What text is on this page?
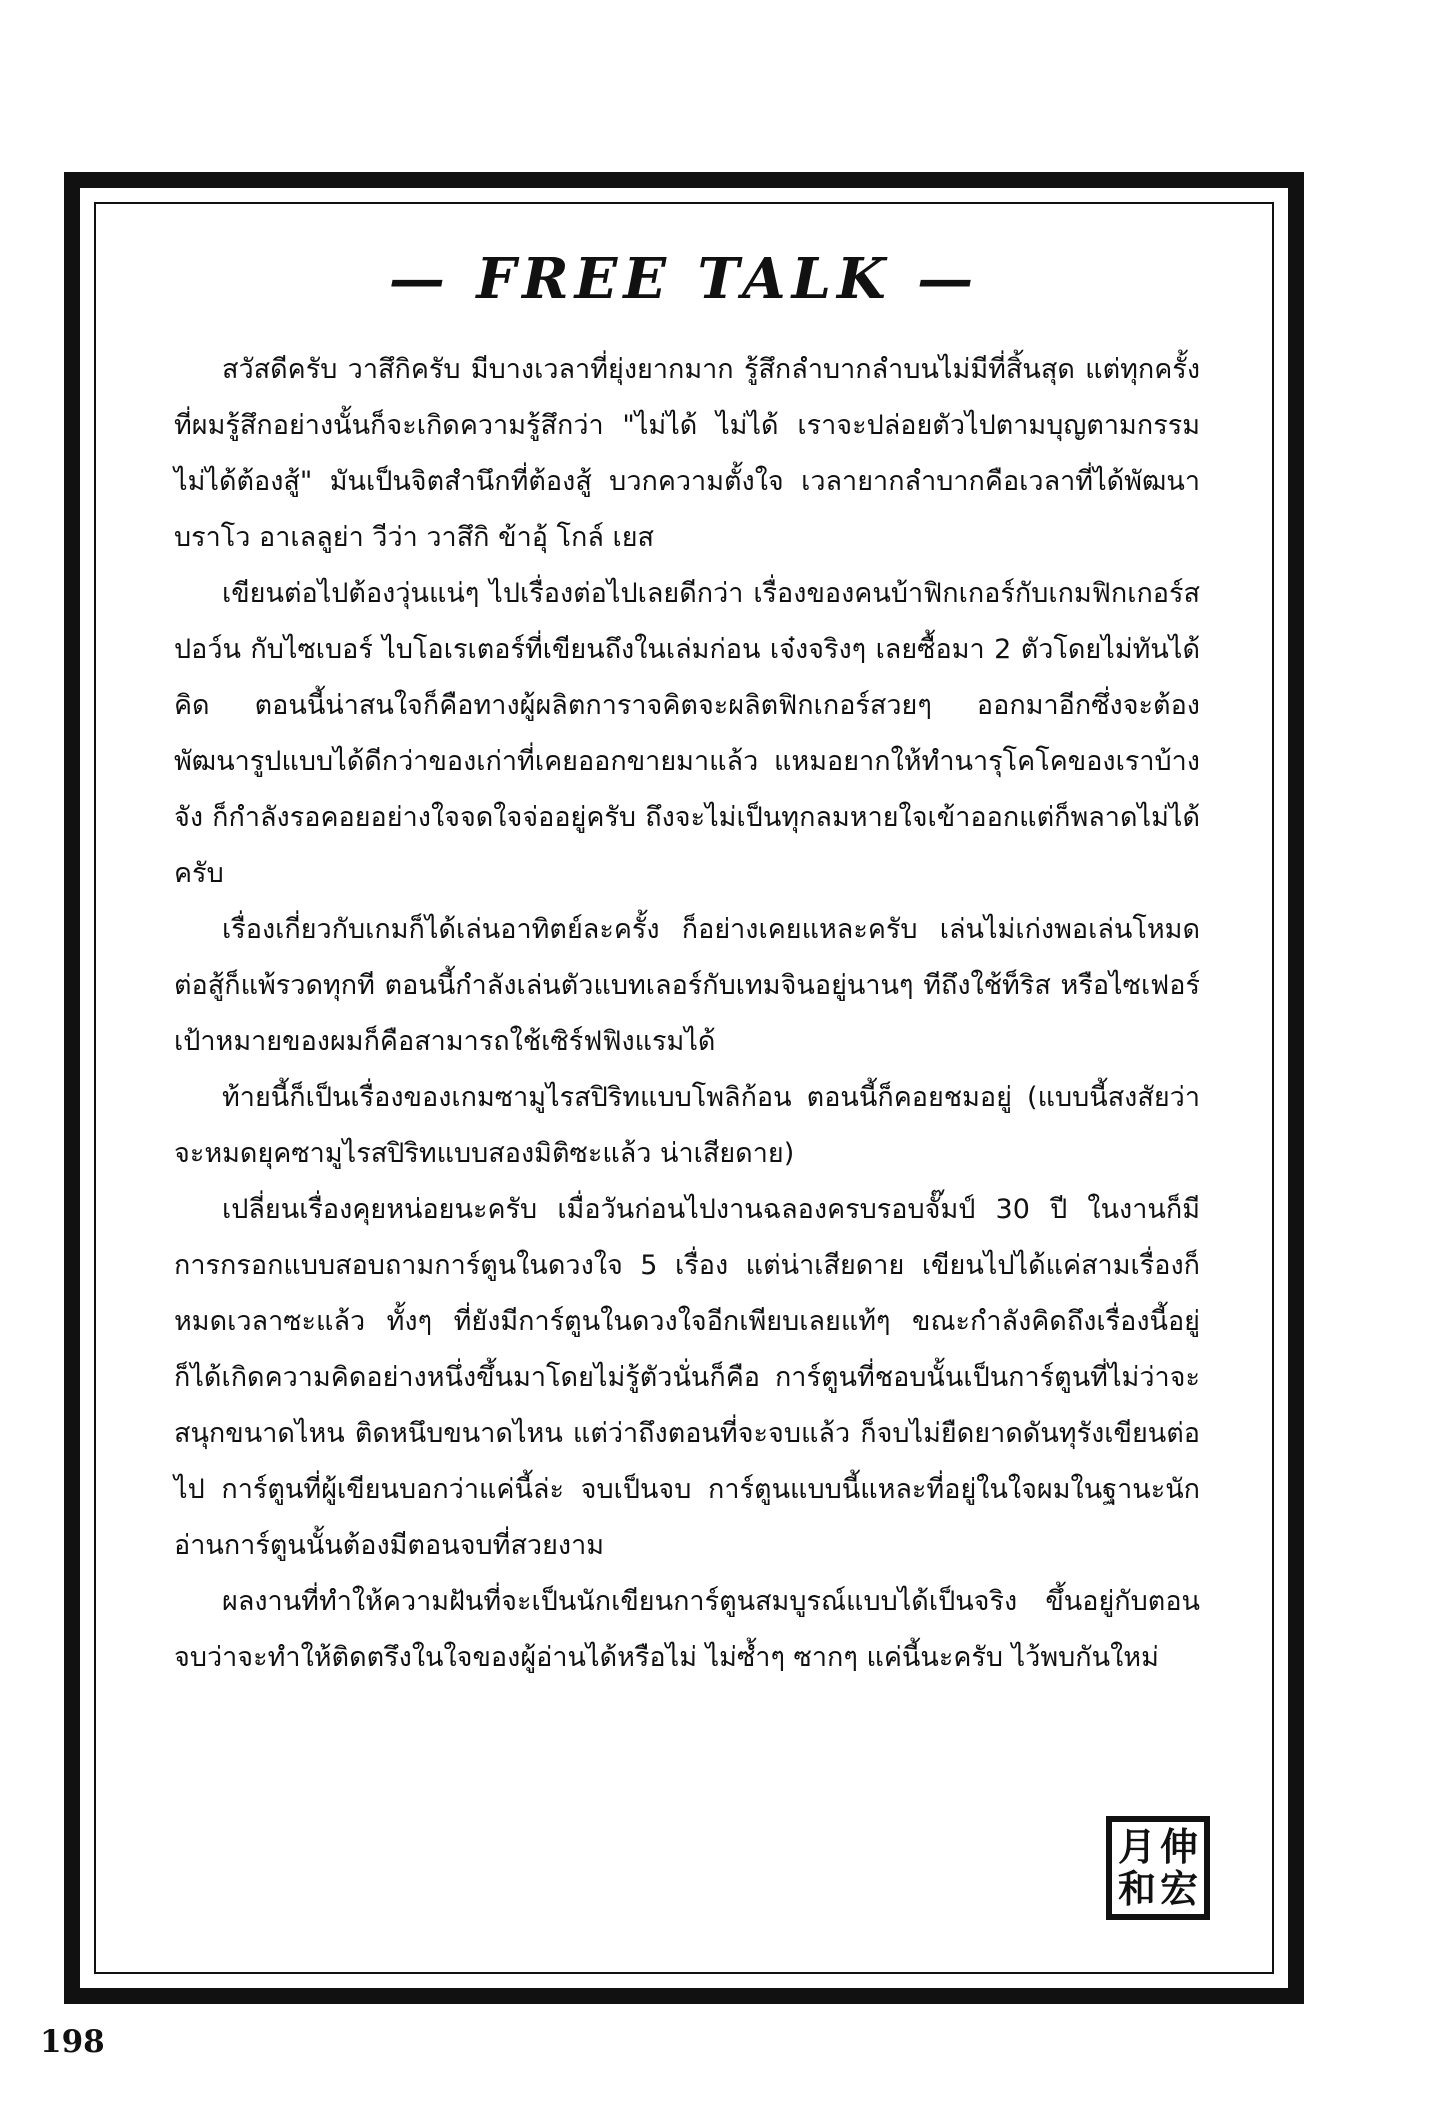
— FREE TALK —

สวัสดีครับ วาสึกิครับ มีบางเวลาที่ยุ่งยากมาก รู้สึกลำบากลำบนไม่มีที่สิ้นสุด แต่ทุกครั้งที่ผมรู้สึกอย่างนั้นก็จะเกิดความรู้สึกว่า "ไม่ได้ ไม่ได้ เราจะปล่อยตัวไปตามบุญตามกรรมไม่ได้ต้องสู้" มันเป็นจิตสำนึกที่ต้องสู้ บวกความตั้งใจ เวลายากลำบากคือเวลาที่ได้พัฒนา บราโว อาเลลูย่า วีว่า วาสึกิ ข้าอุ้ โกล์ เยส

เขียนต่อไปต้องวุ่นแน่ๆ ไปเรื่องต่อไปเลยดีกว่า เรื่องของคนบ้าฟิกเกอร์กับเกมฟิกเกอร์สปอว์น กับไซเบอร์ ไบโอเรเตอร์ที่เขียนถึงในเล่มก่อน เจ๋งจริงๆ เลยซื้อมา 2 ตัวโดยไม่ทันได้คิด ตอนนี้น่าสนใจก็คือทางผู้ผลิตการาจคิตจะผลิตฟิกเกอร์สวยๆ ออกมาอีกซึ่งจะต้องพัฒนารูปแบบได้ดีกว่าของเก่าที่เคยออกขายมาแล้ว แหมอยากให้ทำนารุโคโคของเราบ้างจัง ก็กำลังรอคอยอย่างใจจดใจจ่ออยู่ครับ ถึงจะไม่เป็นทุกลมหายใจเข้าออกแต่ก็พลาดไม่ได้ครับ

เรื่องเกี่ยวกับเกมก็ได้เล่นอาทิตย์ละครั้ง ก็อย่างเคยแหละครับ เล่นไม่เก่งพอเล่นโหมดต่อสู้ก็แพ้รวดทุกที ตอนนี้กำลังเล่นตัวแบทเลอร์กับเทมจินอยู่นานๆ ทีถึงใช้ท็ริส หรือไซเฟอร์เป้าหมายของผมก็คือสามารถใช้เซิร์ฟฟิงแรมได้

ท้ายนี้ก็เป็นเรื่องของเกมซามูไรสปิริทแบบโพลิก้อน ตอนนี้ก็คอยชมอยู่ (แบบนี้สงสัยว่าจะหมดยุคซามูไรสปิริทแบบสองมิติซะแล้ว น่าเสียดาย)

เปลี่ยนเรื่องคุยหน่อยนะครับ เมื่อวันก่อนไปงานฉลองครบรอบจั๊มป์ 30 ปี ในงานก็มีการกรอกแบบสอบถามการ์ตูนในดวงใจ 5 เรื่อง แต่น่าเสียดาย เขียนไปได้แค่สามเรื่องก็หมดเวลาซะแล้ว ทั้งๆ ที่ยังมีการ์ตูนในดวงใจอีกเพียบเลยแท้ๆ ขณะกำลังคิดถึงเรื่องนี้อยู่ก็ได้เกิดความคิดอย่างหนึ่งขึ้นมาโดยไม่รู้ตัวนั่นก็คือ การ์ตูนที่ชอบนั้นเป็นการ์ตูนที่ไม่ว่าจะสนุกขนาดไหน ติดหนึบขนาดไหน แต่ว่าถึงตอนที่จะจบแล้ว ก็จบไม่ยืดยาดดันทุรังเขียนต่อไป การ์ตูนที่ผู้เขียนบอกว่าแค่นี้ล่ะ จบเป็นจบ การ์ตูนแบบนี้แหละที่อยู่ในใจผมในฐานะนักอ่านการ์ตูนนั้นต้องมีตอนจบที่สวยงาม

ผลงานที่ทำให้ความฝันที่จะเป็นนักเขียนการ์ตูนสมบูรณ์แบบได้เป็นจริง ขึ้นอยู่กับตอนจบว่าจะทำให้ติดตรึงในใจของผู้อ่านได้หรือไม่ ไม่ซ้ำๆ ซากๆ แค่นี้นะครับ ไว้พบกันใหม่

月 伸
和 宏
198
